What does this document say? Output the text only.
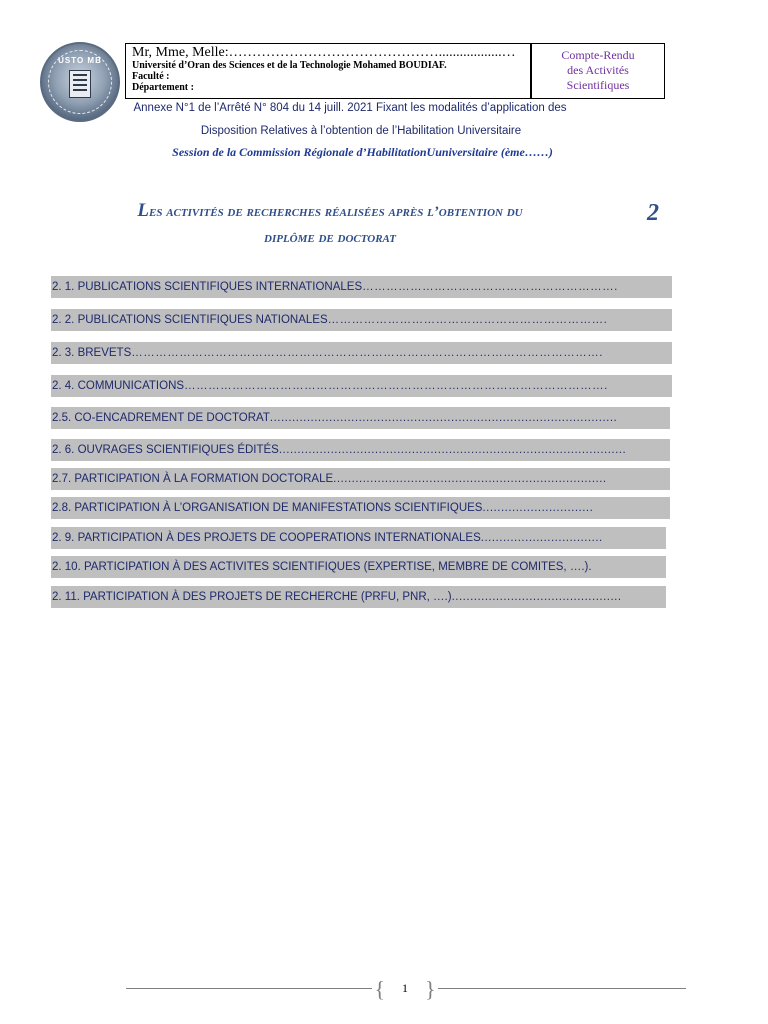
USTO MB
Mr, Mme, Melle:………………………………………..................…
Université d’Oran des Sciences et de la Technologie Mohamed BOUDIAF.
Faculté :
Département :
Compte-Rendu
des Activités
Scientifiques
Annexe N°1 de l’Arrêté N° 804 du 14 juill. 2021 Fixant les modalités d’application des
Disposition Relatives à l’obtention de l’Habilitation Universitaire
Session de la Commission Régionale d’HabilitationUuniversitaire (ème……)
Les activités de recherches réalisées après l’obtention du
diplôme de doctorat
2
2. 1. PUBLICATIONS SCIENTIFIQUES INTERNATIONALES……………………………………………………….
2. 2. PUBLICATIONS SCIENTIFIQUES NATIONALES…………………………………………………………….
2. 3. BREVETS……………………………………………………………………………………………………….
2. 4. COMMUNICATIONS…………………………………………………………………………………………….
2.5. CO-ENCADREMENT DE DOCTORAT..............................................................................................
2. 6. OUVRAGES SCIENTIFIQUES ÉDITÉS..............................................................................................
2.7. PARTICIPATION À LA FORMATION DOCTORALE..........................................................................
2.8. PARTICIPATION À L’ORGANISATION DE MANIFESTATIONS SCIENTIFIQUES..............................
2. 9. PARTICIPATION À DES PROJETS DE COOPERATIONS INTERNATIONALES.................................
2. 10. PARTICIPATION À DES ACTIVITES SCIENTIFIQUES (EXPERTISE, MEMBRE DE COMITES, ….).
2. 11. PARTICIPATION À DES PROJETS DE RECHERCHE (PRFU, PNR, ….)..............................................
{ 1 }
